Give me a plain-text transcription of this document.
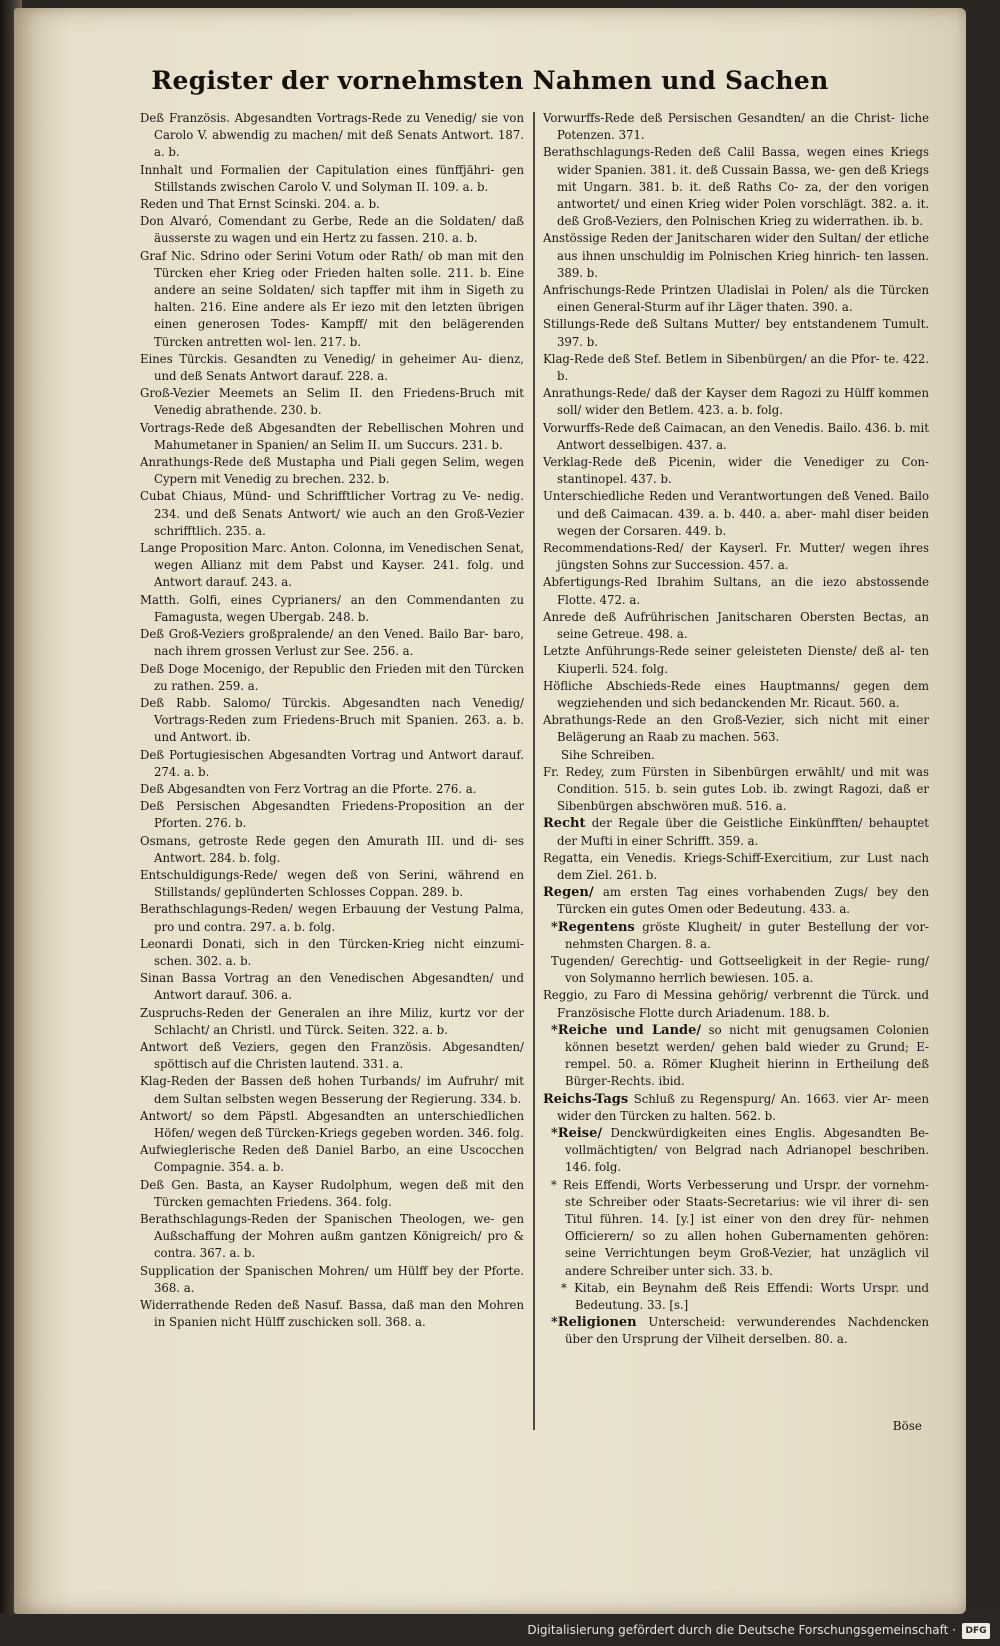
Register der vornehmsten Nahmen und Sachen

Deß Französis. Abgesandten Vortrags-Rede zu Venedig/ sie von Carolo V. abwendig zu machen/ mit deß Senats Antwort. 187. a. b.

Innhalt und Formalien der Capitulation eines fünffjähri- gen Stillstands zwischen Carolo V. und Solyman II. 109. a. b.

Reden und That Ernst Scinski. 204. a. b.

Don Alvaró, Comendant zu Gerbe, Rede an die Soldaten/ daß äusserste zu wagen und ein Hertz zu fassen. 210. a. b.

Graf Nic. Sdrino oder Serini Votum oder Rath/ ob man mit den Türcken eher Krieg oder Frieden halten solle. 211. b. Eine andere an seine Soldaten/ sich tapffer mit ihm in Sigeth zu halten. 216. Eine andere als Er iezo mit den letzten übrigen einen generosen Todes- Kampff/ mit den belägerenden Türcken antretten wol- len. 217. b.

Eines Türckis. Gesandten zu Venedig/ in geheimer Au- dienz, und deß Senats Antwort darauf. 228. a.

Groß-Vezier Meemets an Selim II. den Friedens-Bruch mit Venedig abrathende. 230. b.

Vortrags-Rede deß Abgesandten der Rebellischen Mohren und Mahumetaner in Spanien/ an Selim II. um Succurs. 231. b.

Anrathungs-Rede deß Mustapha und Piali gegen Selim, wegen Cypern mit Venedig zu brechen. 232. b.

Cubat Chiaus, Münd- und Schrifftlicher Vortrag zu Ve- nedig. 234. und deß Senats Antwort/ wie auch an den Groß-Vezier schrifftlich. 235. a.

Lange Proposition Marc. Anton. Colonna, im Venedischen Senat, wegen Allianz mit dem Pabst und Kayser. 241. folg. und Antwort darauf. 243. a.

Matth. Golfi, eines Cyprianers/ an den Commendanten zu Famagusta, wegen Ubergab. 248. b.

Deß Groß-Veziers großpralende/ an den Vened. Bailo Bar- baro, nach ihrem grossen Verlust zur See. 256. a.

Deß Doge Mocenigo, der Republic den Frieden mit den Türcken zu rathen. 259. a.

Deß Rabb. Salomo/ Türckis. Abgesandten nach Venedig/ Vortrags-Reden zum Friedens-Bruch mit Spanien. 263. a. b. und Antwort. ib.

Deß Portugiesischen Abgesandten Vortrag und Antwort darauf. 274. a. b.

Deß Abgesandten von Ferz Vortrag an die Pforte. 276. a.

Deß Persischen Abgesandten Friedens-Proposition an der Pforten. 276. b.

Osmans, getroste Rede gegen den Amurath III. und di- ses Antwort. 284. b. folg.

Entschuldigungs-Rede/ wegen deß von Serini, während en Stillstands/ geplünderten Schlosses Coppan. 289. b.

Berathschlagungs-Reden/ wegen Erbauung der Vestung Palma, pro und contra. 297. a. b. folg.

Leonardi Donati, sich in den Türcken-Krieg nicht einzumi- schen. 302. a. b.

Sinan Bassa Vortrag an den Venedischen Abgesandten/ und Antwort darauf. 306. a.

Zuspruchs-Reden der Generalen an ihre Miliz, kurtz vor der Schlacht/ an Christl. und Türck. Seiten. 322. a. b.

Antwort deß Veziers, gegen den Französis. Abgesandten/ spöttisch auf die Christen lautend. 331. a.

Klag-Reden der Bassen deß hohen Turbands/ im Aufruhr/ mit dem Sultan selbsten wegen Besserung der Regierung. 334. b.

Antwort/ so dem Päpstl. Abgesandten an unterschiedlichen Höfen/ wegen deß Türcken-Kriegs gegeben worden. 346. folg.

Aufwieglerische Reden deß Daniel Barbo, an eine Uscocchen Compagnie. 354. a. b.

Deß Gen. Basta, an Kayser Rudolphum, wegen deß mit den Türcken gemachten Friedens. 364. folg.

Berathschlagungs-Reden der Spanischen Theologen, we- gen Außschaffung der Mohren außm gantzen Königreich/ pro & contra. 367. a. b.

Supplication der Spanischen Mohren/ um Hülff bey der Pforte. 368. a.

Widerrathende Reden deß Nasuf. Bassa, daß man den Mohren in Spanien nicht Hülff zuschicken soll. 368. a.

Vorwurffs-Rede deß Persischen Gesandten/ an die Christ- liche Potenzen. 371.

Berathschlagungs-Reden deß Calil Bassa, wegen eines Kriegs wider Spanien. 381. it. deß Cussain Bassa, we- gen deß Kriegs mit Ungarn. 381. b. it. deß Raths Co- za, der den vorigen antwortet/ und einen Krieg wider Polen vorschlägt. 382. a. it. deß Groß-Veziers, den Polnischen Krieg zu widerrathen. ib. b.

Anstössige Reden der Janitscharen wider den Sultan/ der etliche aus ihnen unschuldig im Polnischen Krieg hinrich- ten lassen. 389. b.

Anfrischungs-Rede Printzen Uladislai in Polen/ als die Türcken einen General-Sturm auf ihr Läger thaten. 390. a.

Stillungs-Rede deß Sultans Mutter/ bey entstandenem Tumult. 397. b.

Klag-Rede deß Stef. Betlem in Sibenbürgen/ an die Pfor- te. 422. b.

Anrathungs-Rede/ daß der Kayser dem Ragozi zu Hülff kommen soll/ wider den Betlem. 423. a. b. folg.

Vorwurffs-Rede deß Caimacan, an den Venedis. Bailo. 436. b. mit Antwort desselbigen. 437. a.

Verklag-Rede deß Picenin, wider die Venediger zu Con- stantinopel. 437. b.

Unterschiedliche Reden und Verantwortungen deß Vened. Bailo und deß Caimacan. 439. a. b. 440. a. aber- mahl diser beiden wegen der Corsaren. 449. b.

Recommendations-Red/ der Kayserl. Fr. Mutter/ wegen ihres jüngsten Sohns zur Succession. 457. a.

Abfertigungs-Red Ibrahim Sultans, an die iezo abstossende Flotte. 472. a.

Anrede deß Aufrührischen Janitscharen Obersten Bectas, an seine Getreue. 498. a.

Letzte Anführungs-Rede seiner geleisteten Dienste/ deß al- ten Kiuperli. 524. folg.

Höfliche Abschieds-Rede eines Hauptmanns/ gegen dem wegziehenden und sich bedanckenden Mr. Ricaut. 560. a.

Abrathungs-Rede an den Groß-Vezier, sich nicht mit einer Belägerung an Raab zu machen. 563.

Sihe Schreiben.

Fr. Redey, zum Fürsten in Sibenbürgen erwählt/ und mit was Condition. 515. b. sein gutes Lob. ib. zwingt Ragozi, daß er Sibenbürgen abschwören muß. 516. a.

Recht der Regale über die Geistliche Einkünfften/ behauptet der Mufti in einer Schrifft. 359. a.

Regatta, ein Venedis. Kriegs-Schiff-Exercitium, zur Lust nach dem Ziel. 261. b.

Regen/ am ersten Tag eines vorhabenden Zugs/ bey den Türcken ein gutes Omen oder Bedeutung. 433. a.

*Regentens gröste Klugheit/ in guter Bestellung der vor- nehmsten Chargen. 8. a.

Tugenden/ Gerechtig- und Gottseeligkeit in der Regie- rung/ von Solymanno herrlich bewiesen. 105. a.

Reggio, zu Faro di Messina gehörig/ verbrennt die Türck. und Französische Flotte durch Ariadenum. 188. b.

*Reiche und Lande/ so nicht mit genugsamen Colonien können besetzt werden/ gehen bald wieder zu Grund; E- rempel. 50. a. Römer Klugheit hierinn in Ertheilung deß Bürger-Rechts. ibid.

Reichs-Tags Schluß zu Regenspurg/ An. 1663. vier Ar- meen wider den Türcken zu halten. 562. b.

*Reise/ Denckwürdigkeiten eines Englis. Abgesandten Be- vollmächtigten/ von Belgrad nach Adrianopel beschriben. 146. folg.

* Reis Effendi, Worts Verbesserung und Urspr. der vornehm- ste Schreiber oder Staats-Secretarius: wie vil ihrer di- sen Titul führen. 14. [y.] ist einer von den drey für- nehmen Officierern/ so zu allen hohen Gubernamenten gehören: seine Verrichtungen beym Groß-Vezier, hat unzäglich vil andere Schreiber unter sich. 33. b.

* Kitab, ein Beynahm deß Reis Effendi: Worts Urspr. und Bedeutung. 33. [s.]

*Religionen Unterscheid: verwunderendes Nachdencken über den Ursprung der Vilheit derselben. 80. a.

Böse
Digitalisierung gefördert durch die Deutsche Forschungsgemeinschaft ·	DFG
